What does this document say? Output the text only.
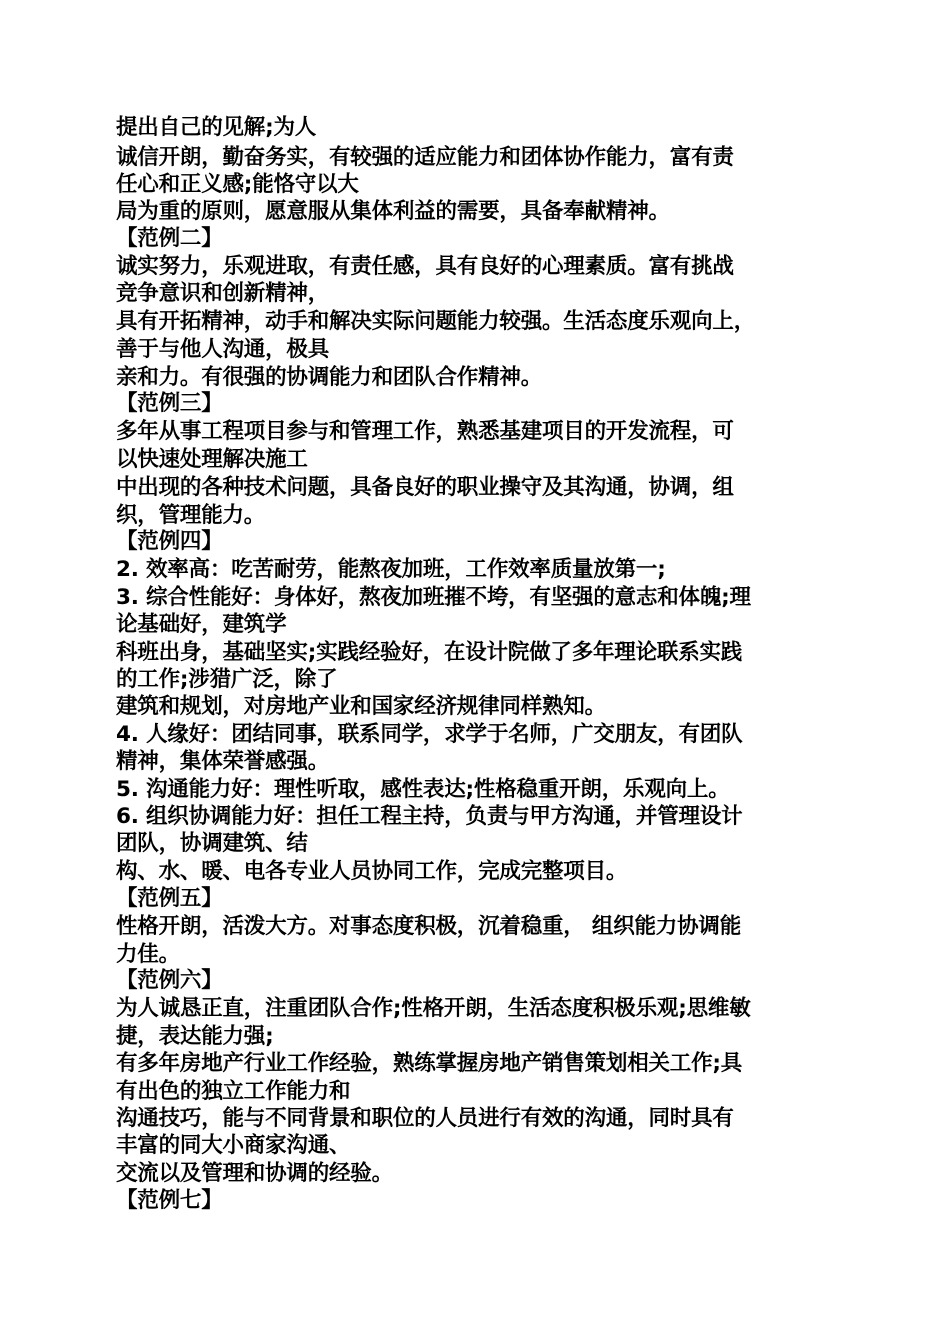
提出自己的见解;为人
诚信开朗，勤奋务实，有较强的适应能力和团体协作能力，富有责
任心和正义感;能恪守以大
局为重的原则，愿意服从集体利益的需要，具备奉献精神。
【范例二】
诚实努力，乐观进取，有责任感，具有良好的心理素质。富有挑战
竞争意识和创新精神，
具有开拓精神，动手和解决实际问题能力较强。生活态度乐观向上，
善于与他人沟通，极具
亲和力。有很强的协调能力和团队合作精神。
【范例三】
多年从事工程项目参与和管理工作，熟悉基建项目的开发流程，可
以快速处理解决施工
中出现的各种技术问题，具备良好的职业操守及其沟通，协调，组
织，管理能力。
【范例四】
2. 效率高：吃苦耐劳，能熬夜加班，工作效率质量放第一;
3. 综合性能好：身体好，熬夜加班摧不垮，有坚强的意志和体魄;理
论基础好，建筑学
科班出身，基础坚实;实践经验好，在设计院做了多年理论联系实践
的工作;涉猎广泛，除了
建筑和规划，对房地产业和国家经济规律同样熟知。
4. 人缘好：团结同事，联系同学，求学于名师，广交朋友，有团队
精神，集体荣誉感强。
5. 沟通能力好：理性听取，感性表达;性格稳重开朗，乐观向上。
6. 组织协调能力好：担任工程主持，负责与甲方沟通，并管理设计
团队，协调建筑、结
构、水、暖、电各专业人员协同工作，完成完整项目。
【范例五】
性格开朗，活泼大方。对事态度积极，沉着稳重， 组织能力协调能
力佳。
【范例六】
为人诚恳正直，注重团队合作;性格开朗，生活态度积极乐观;思维敏
捷，表达能力强;
有多年房地产行业工作经验，熟练掌握房地产销售策划相关工作;具
有出色的独立工作能力和
沟通技巧，能与不同背景和职位的人员进行有效的沟通，同时具有
丰富的同大小商家沟通、
交流以及管理和协调的经验。
【范例七】
